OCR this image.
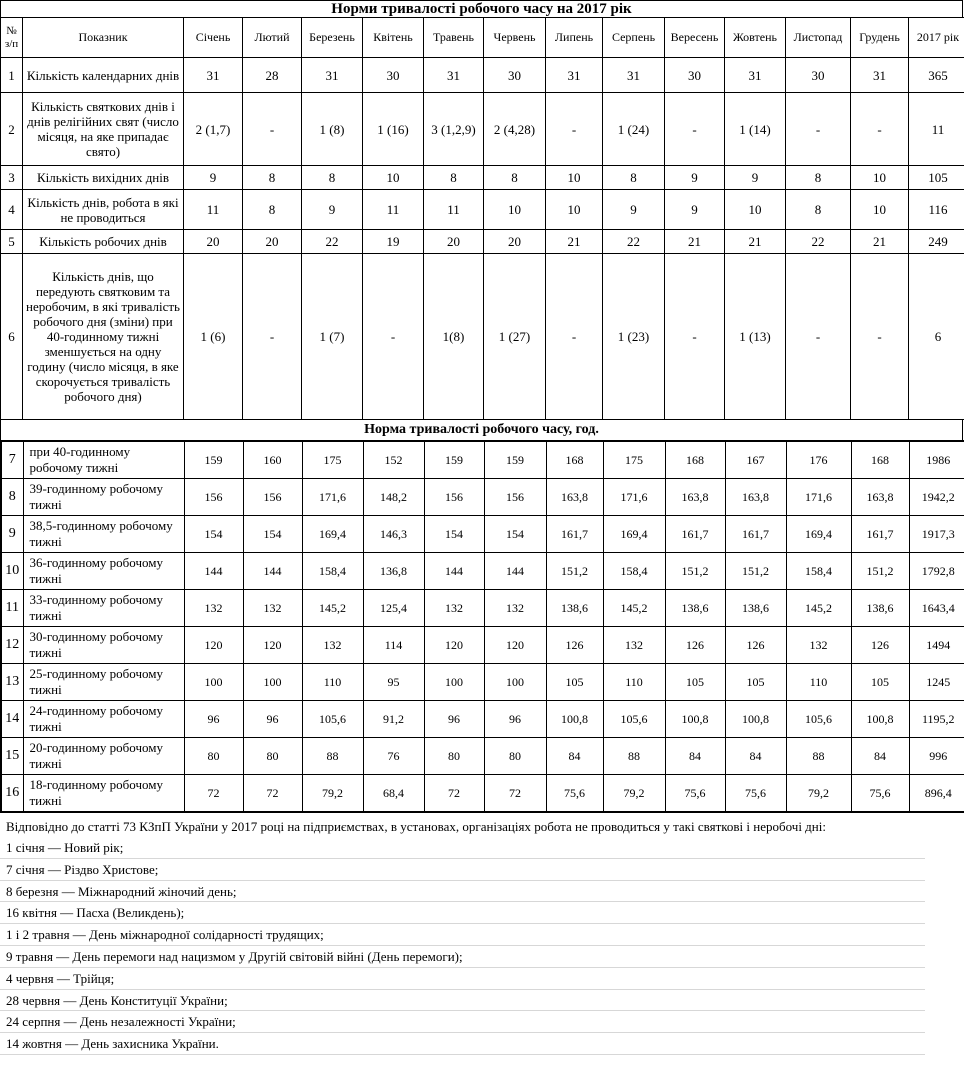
Норми тривалості робочого часу на 2017 рік
№ з/п	Показник	Січень	Лютий	Березень	Квітень	Травень	Червень	Липень	Серпень	Вересень	Жовтень	Листопад	Грудень	2017 рік
1	Кількість календарних днів	31	28	31	30	31	30	31	31	30	31	30	31	365
2	Кількість святкових днів і днів релігійних свят (число місяця, на яке припадає свято)	2 (1,7)	-	1 (8)	1 (16)	3 (1,2,9)	2 (4,28)	-	1 (24)	-	1 (14)	-	-	11
3	Кількість вихідних днів	9	8	8	10	8	8	10	8	9	9	8	10	105
4	Кількість днів, робота в які не проводиться	11	8	9	11	11	10	10	9	9	10	8	10	116
5	Кількість робочих днів	20	20	22	19	20	20	21	22	21	21	22	21	249
6	Кількість днів, що передують святковим та неробочим, в які тривалість робочого дня (зміни) при 40-годинному тижні зменшується на одну годину (число місяця, в яке скорочується тривалість робочого дня)	1 (6)	-	1 (7)	-	1(8)	1 (27)	-	1 (23)	-	1 (13)	-	-	6
Норма тривалості робочого часу, год.
7	при 40-годинному робочому тижні	159	160	175	152	159	159	168	175	168	167	176	168	1986
8	39-годинному робочому тижні	156	156	171,6	148,2	156	156	163,8	171,6	163,8	163,8	171,6	163,8	1942,2
9	38,5-годинному робочому тижні	154	154	169,4	146,3	154	154	161,7	169,4	161,7	161,7	169,4	161,7	1917,3
10	36-годинному робочому тижні	144	144	158,4	136,8	144	144	151,2	158,4	151,2	151,2	158,4	151,2	1792,8
11	33-годинному робочому тижні	132	132	145,2	125,4	132	132	138,6	145,2	138,6	138,6	145,2	138,6	1643,4
12	30-годинному робочому тижні	120	120	132	114	120	120	126	132	126	126	132	126	1494
13	25-годинному робочому тижні	100	100	110	95	100	100	105	110	105	105	110	105	1245
14	24-годинному робочому тижні	96	96	105,6	91,2	96	96	100,8	105,6	100,8	100,8	105,6	100,8	1195,2
15	20-годинному робочому тижні	80	80	88	76	80	80	84	88	84	84	88	84	996
16	18-годинному робочому тижні	72	72	79,2	68,4	72	72	75,6	79,2	75,6	75,6	79,2	75,6	896,4
Відповідно до статті 73 КЗпП України у 2017 році на підприємствах, в установах, організаціях робота не проводиться у такі святкові і неробочі дні:
1 січня — Новий рік;
7 січня — Різдво Христове;
8 березня — Міжнародний жіночий день;
16 квітня — Пасха (Великдень);
1 і 2 травня — День міжнародної солідарності трудящих;
9 травня — День перемоги над нацизмом у Другій світовій війні (День перемоги);
4 червня — Трійця;
28 червня — День Конституції України;
24 серпня — День незалежності України;
14 жовтня — День захисника України.
